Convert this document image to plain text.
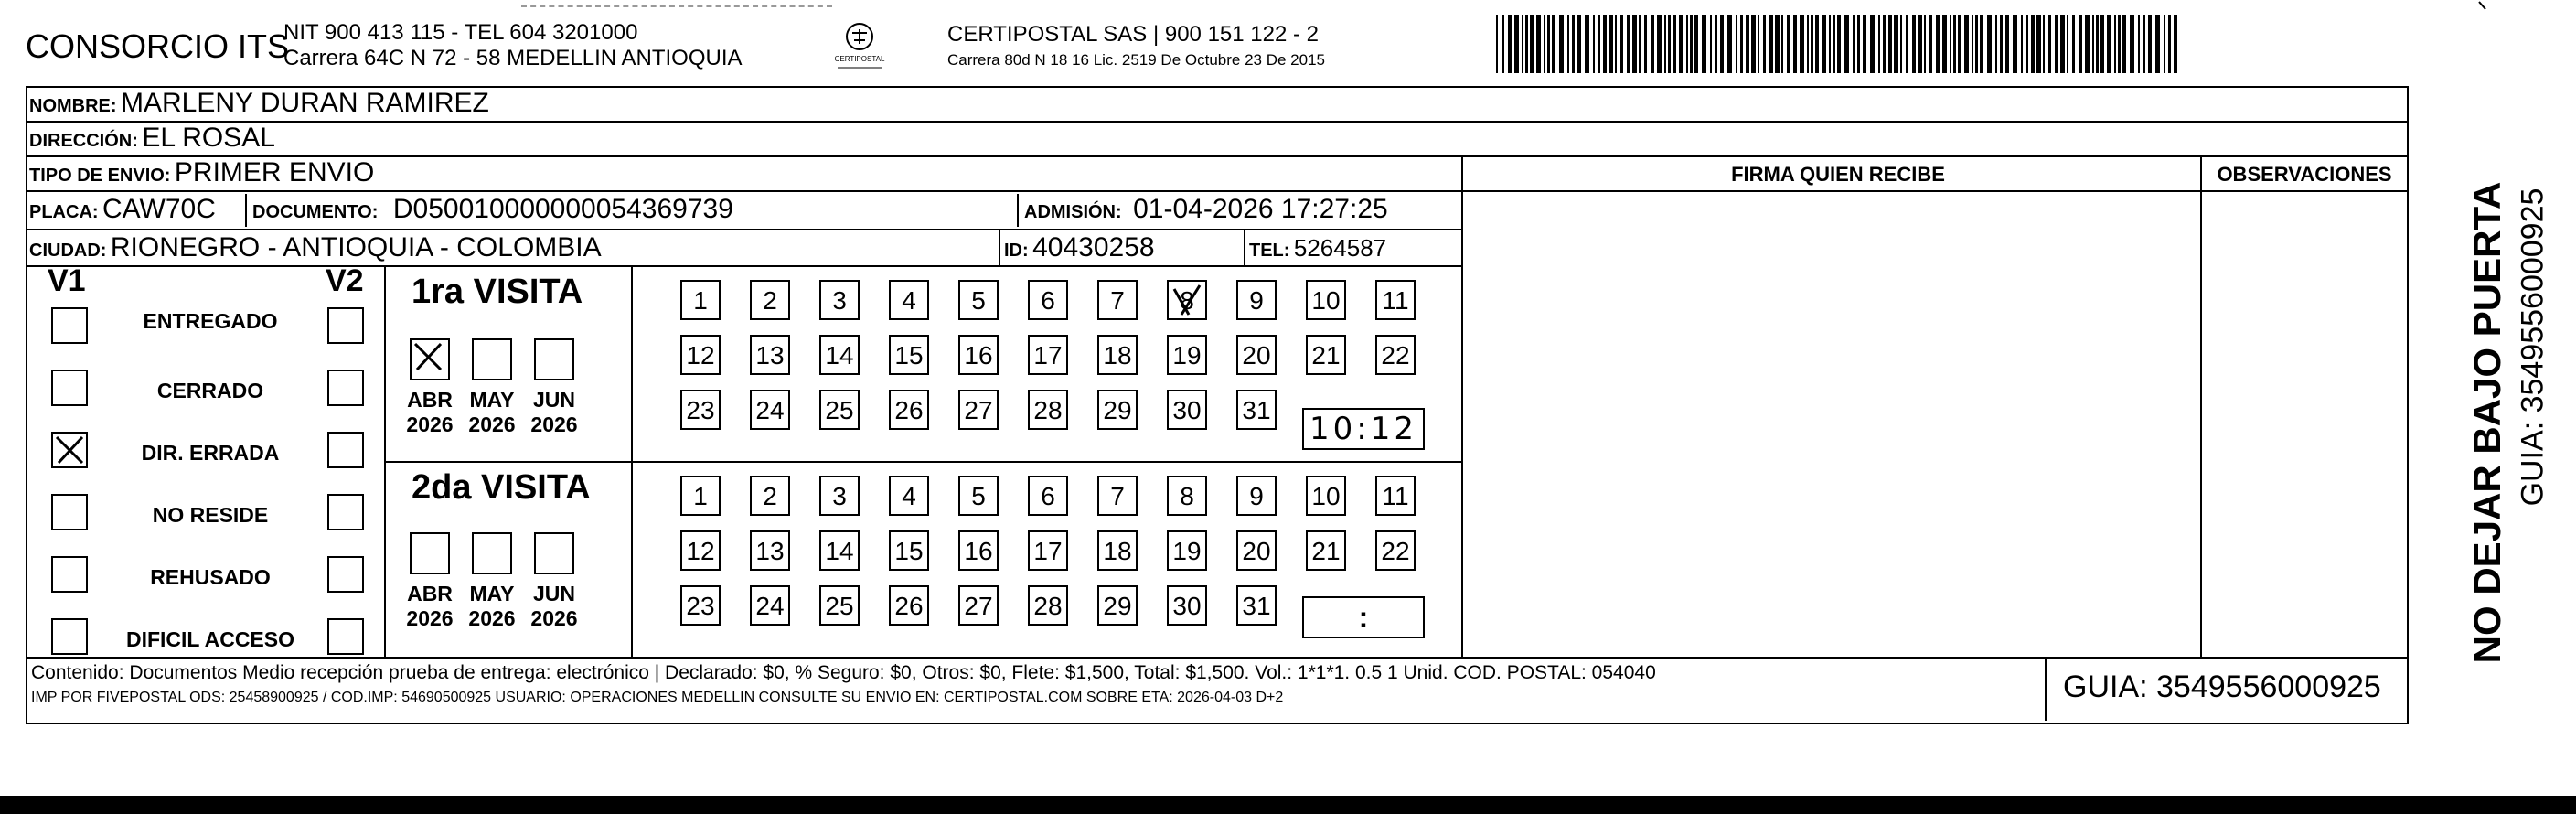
CONSORCIO ITS
NIT 900 413 115 - TEL 604 3201000
Carrera 64C N 72 - 58 MEDELLIN ANTIOQUIA	CERTIPOSTAL
CERTIPOSTAL SAS | 900 151 122 - 2
Carrera 80d N 18 16 Lic. 2519 De Octubre 23 De 2015
NOMBRE: MARLENY DURAN RAMIREZ
DIRECCIÓN: EL ROSAL
TIPO DE ENVIO: PRIMER ENVIO	FIRMA QUIEN RECIBE	OBSERVACIONES
PLACA: CAW70C DOCUMENTO: D050010000000054369739	ADMISIÓN: 01-04-2026 17:27:25
CIUDAD: RIONEGRO - ANTIOQUIA - COLOMBIA	ID: 40430258	TEL: 5264587
V1	V2
ENTREGADO
CERRADO
DIR. ERRADA
NO RESIDE
REHUSADO
DIFICIL ACCESO
1ra VISITA
2da VISITA
ABR
2026
MAY
2026
JUN
2026
ABR
2026
MAY
2026
JUN
2026
1	2	3	4	5	6	7	8	9	10 11
12 13 14 15 16 17 18 19 20 21 22
23 24 25 26 27 28 29 30 31
1	2	3	4	5	6	7	8	9	10 11
12 13 14 15 16 17 18 19 20 21 22
23 24 25 26 27 28 29 30 31
10:12
:
Contenido: Documentos Medio recepción prueba de entrega: electrónico | Declarado: $0, % Seguro: $0, Otros: $0, Flete: $1,500, Total: $1,500. Vol.: 1*1*1. 0.5 1 Unid. COD. POSTAL: 054040
IMP POR FIVEPOSTAL ODS: 25458900925 / COD.IMP: 54690500925 USUARIO: OPERACIONES MEDELLIN CONSULTE SU ENVIO EN: CERTIPOSTAL.COM SOBRE ETA: 2026-04-03 D+2	GUIA: 3549556000925
NO DEJAR BAJO PUERTA GUIA: 3549556000925
